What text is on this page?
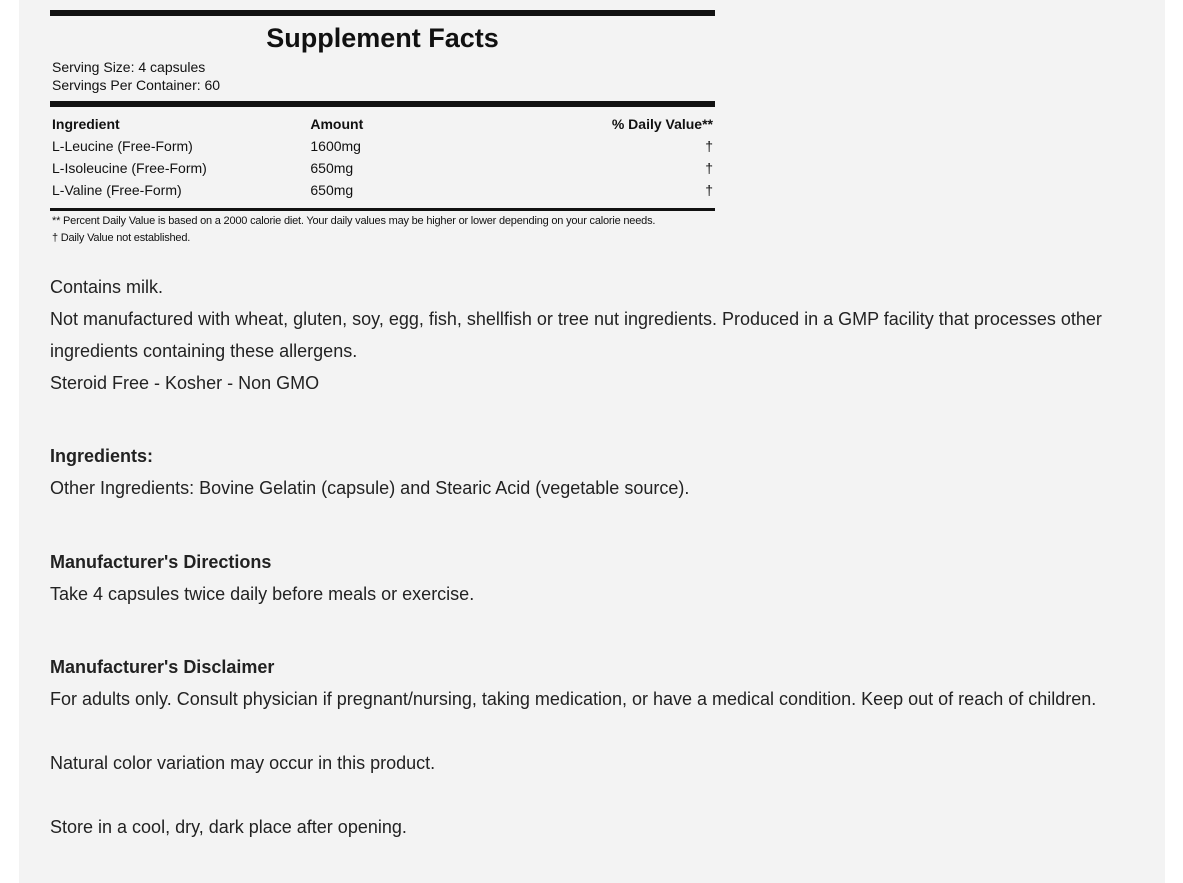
Supplement Facts
Serving Size: 4 capsules
Servings Per Container: 60
Ingredient	Amount	% Daily Value**
L-Leucine (Free-Form)	1600mg	†
L-Isoleucine (Free-Form)	650mg	†
L-Valine (Free-Form)	650mg	†
** Percent Daily Value is based on a 2000 calorie diet. Your daily values may be higher or lower depending on your calorie needs.
† Daily Value not established.

Contains milk.

Not manufactured with wheat, gluten, soy, egg, fish, shellfish or tree nut ingredients. Produced in a GMP facility that processes other ingredients containing these allergens.

Steroid Free - Kosher - Non GMO

Ingredients:

Other Ingredients: Bovine Gelatin (capsule) and Stearic Acid (vegetable source).

Manufacturer's Directions

Take 4 capsules twice daily before meals or exercise.

Manufacturer's Disclaimer

For adults only. Consult physician if pregnant/nursing, taking medication, or have a medical condition. Keep out of reach of children.

Natural color variation may occur in this product.

Store in a cool, dry, dark place after opening.
